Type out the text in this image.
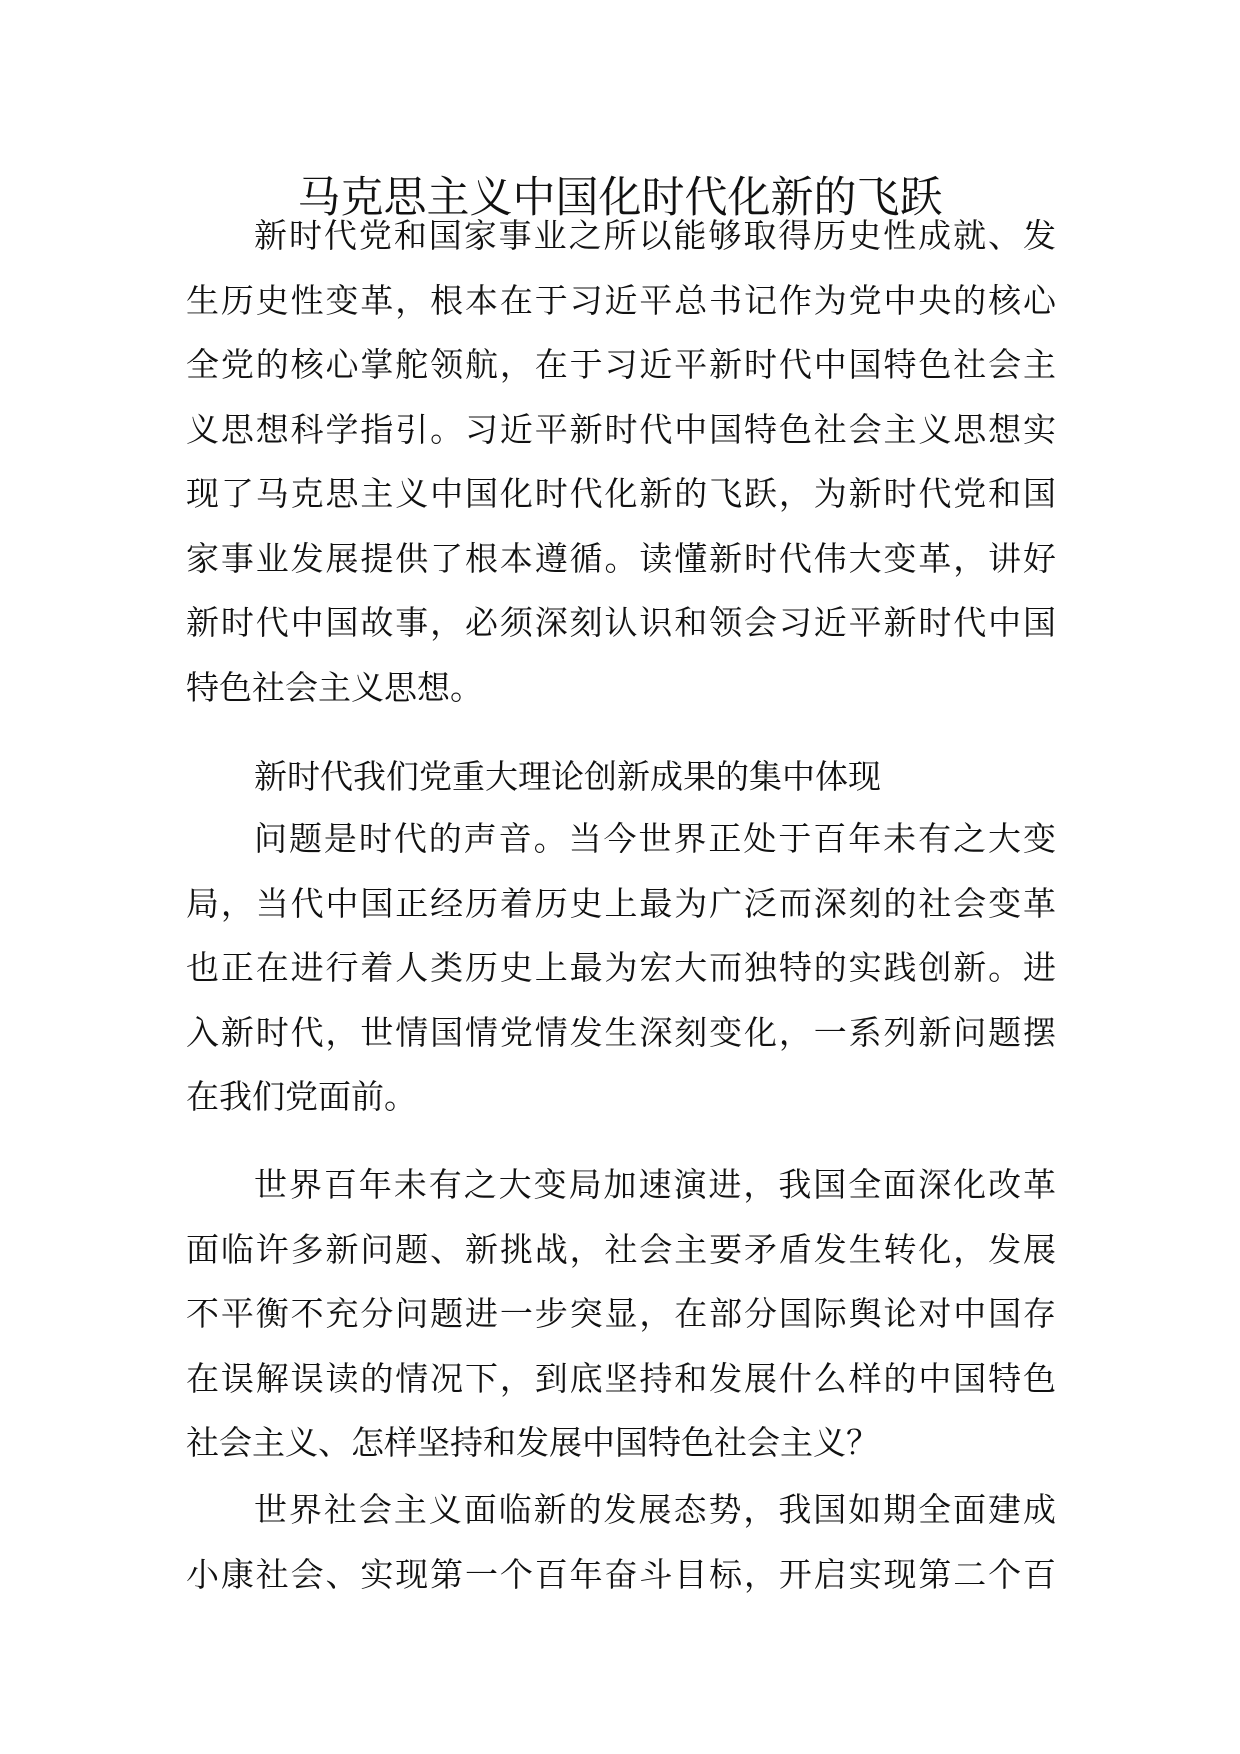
马克思主义中国化时代化新的飞跃
新时代党和国家事业之所以能够取得历史性成就、发
生历史性变革，根本在于习近平总书记作为党中央的核心
全党的核心掌舵领航，在于习近平新时代中国特色社会主
义思想科学指引。习近平新时代中国特色社会主义思想实
现了马克思主义中国化时代化新的飞跃，为新时代党和国
家事业发展提供了根本遵循。读懂新时代伟大变革，讲好
新时代中国故事，必须深刻认识和领会习近平新时代中国
特色社会主义思想。
新时代我们党重大理论创新成果的集中体现
问题是时代的声音。当今世界正处于百年未有之大变
局，当代中国正经历着历史上最为广泛而深刻的社会变革
也正在进行着人类历史上最为宏大而独特的实践创新。进
入新时代，世情国情党情发生深刻变化，一系列新问题摆
在我们党面前。
世界百年未有之大变局加速演进，我国全面深化改革
面临许多新问题、新挑战，社会主要矛盾发生转化，发展
不平衡不充分问题进一步突显，在部分国际舆论对中国存
在误解误读的情况下，到底坚持和发展什么样的中国特色
社会主义、怎样坚持和发展中国特色社会主义？
世界社会主义面临新的发展态势，我国如期全面建成
小康社会、实现第一个百年奋斗目标，开启实现第二个百
